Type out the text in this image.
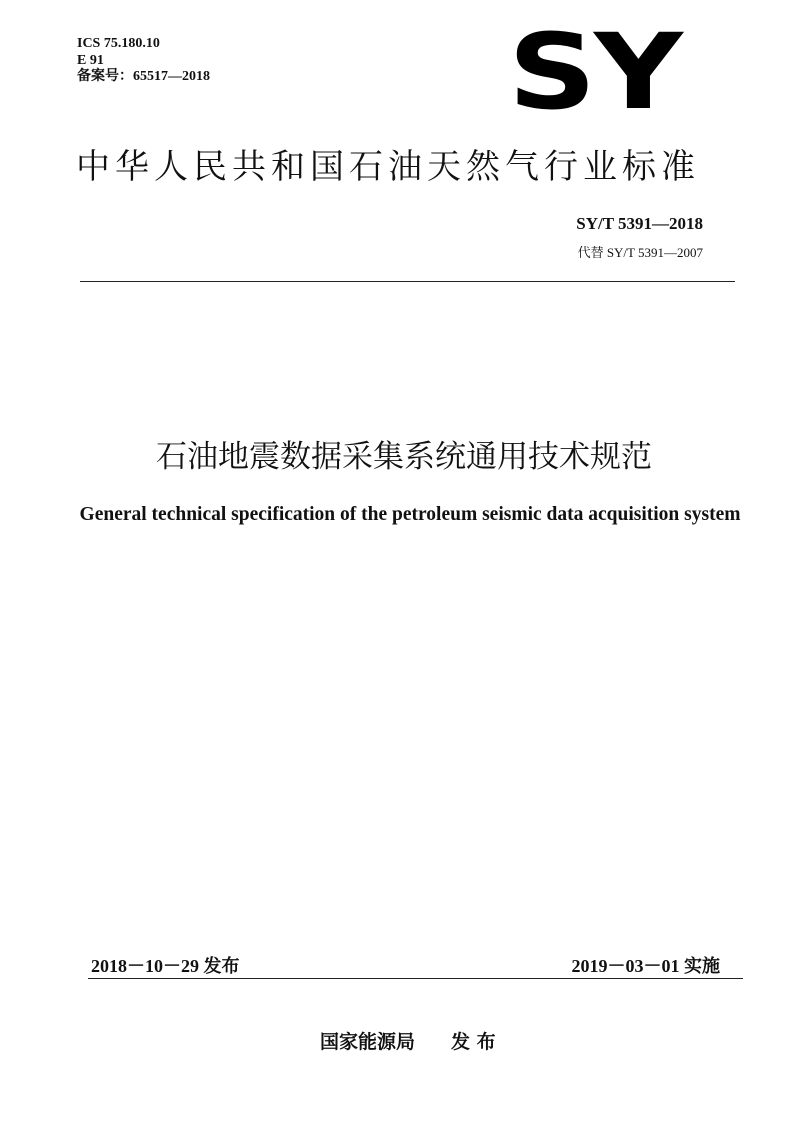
ICS 75.180.10
E 91
备案号：65517—2018	SY
中华人民共和国石油天然气行业标准
SY/T 5391—2018
代替 SY/T 5391—2007
石油地震数据采集系统通用技术规范
General technical specification of the petroleum seismic data acquisition system
2018－10－29 发布	2019－03－01 实施
国家能源局 发 布
